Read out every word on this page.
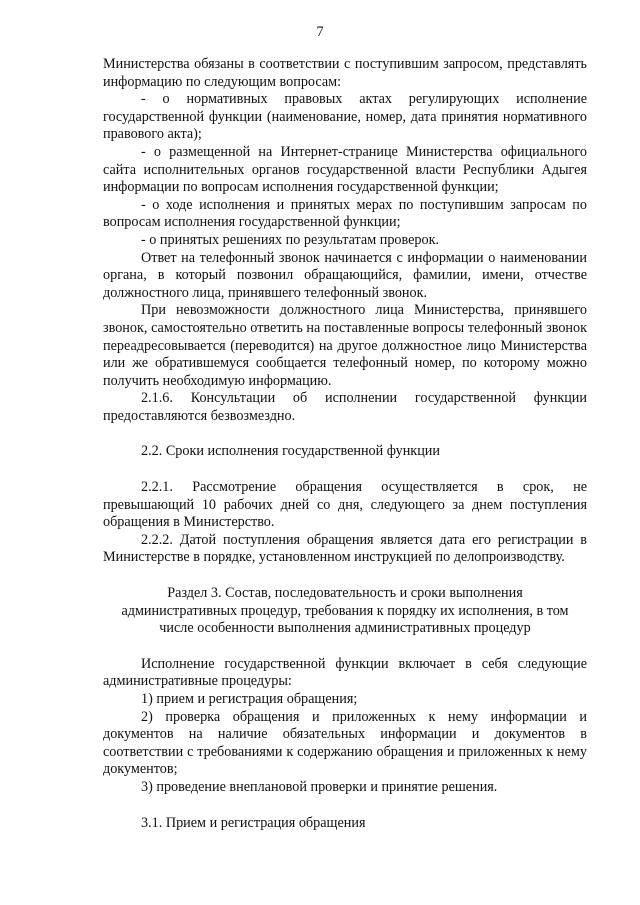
7

Министерства обязаны в соответствии с поступившим запросом, представлять информацию по следующим вопросам:

- о нормативных правовых актах регулирующих исполнение государственной функции (наименование, номер, дата принятия нормативного правового акта);

- о размещенной на Интернет-странице Министерства официального сайта исполнительных органов государственной власти Республики Адыгея информации по вопросам исполнения государственной функции;

- о ходе исполнения и принятых мерах по поступившим запросам по вопросам исполнения государственной функции;

- о принятых решениях по результатам проверок.

Ответ на телефонный звонок начинается с информации о наименовании органа, в который позвонил обращающийся, фамилии, имени, отчестве должностного лица, принявшего телефонный звонок.

При невозможности должностного лица Министерства, принявшего звонок, самостоятельно ответить на поставленные вопросы телефонный звонок переадресовывается (переводится) на другое должностное лицо Министерства или же обратившемуся сообщается телефонный номер, по которому можно получить необходимую информацию.

2.1.6. Консультации об исполнении государственной функции предоставляются безвозмездно.

2.2. Сроки исполнения государственной функции

2.2.1. Рассмотрение обращения осуществляется в срок, не превышающий 10 рабочих дней со дня, следующего за днем поступления обращения в Министерство.

2.2.2. Датой поступления обращения является дата его регистрации в Министерстве в порядке, установленном инструкцией по делопроизводству.

Раздел 3. Состав, последовательность и сроки выполнения

административных процедур, требования к порядку их исполнения, в том

числе особенности выполнения административных процедур

Исполнение государственной функции включает в себя следующие административные процедуры:

1) прием и регистрация обращения;

2) проверка обращения и приложенных к нему информации и документов на наличие обязательных информации и документов в соответствии с требованиями к содержанию обращения и приложенных к нему документов;

3) проведение внеплановой проверки и принятие решения.

3.1. Прием и регистрация обращения
